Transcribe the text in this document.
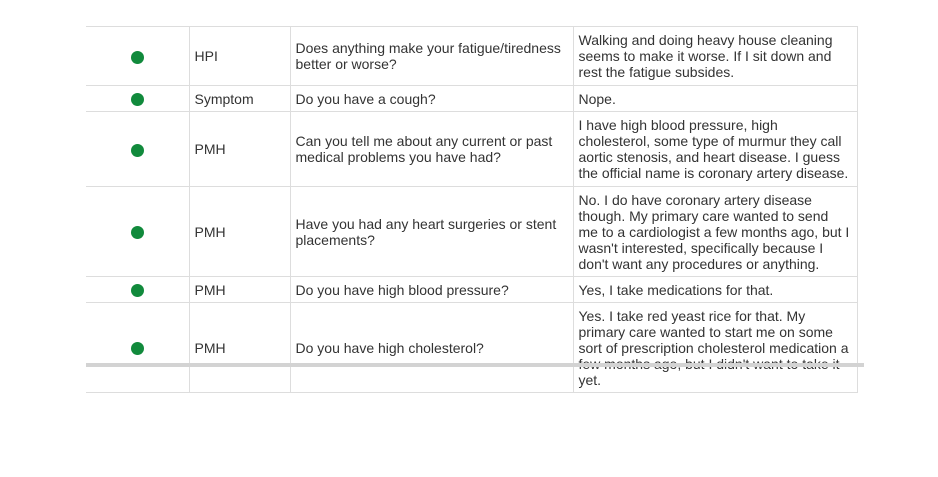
	HPI	Does anything make your fatigue/tiredness better or worse?	Walking and doing heavy house cleaning seems to make it worse. If I sit down and rest the fatigue subsides.
	Symptom	Do you have a cough?	Nope.
	PMH	Can you tell me about any current or past medical problems you have had?	I have high blood pressure, high cholesterol, some type of murmur they call aortic stenosis, and heart disease. I guess the official name is coronary artery disease.
	PMH	Have you had any heart surgeries or stent placements?	No. I do have coronary artery disease though. My primary care wanted to send me to a cardiologist a few months ago, but I wasn't interested, specifically because I don't want any procedures or anything.
	PMH	Do you have high blood pressure?	Yes, I take medications for that.
	PMH	Do you have high cholesterol?	Yes. I take red yeast rice for that. My primary care wanted to start me on some sort of prescription cholesterol medication a yet.
